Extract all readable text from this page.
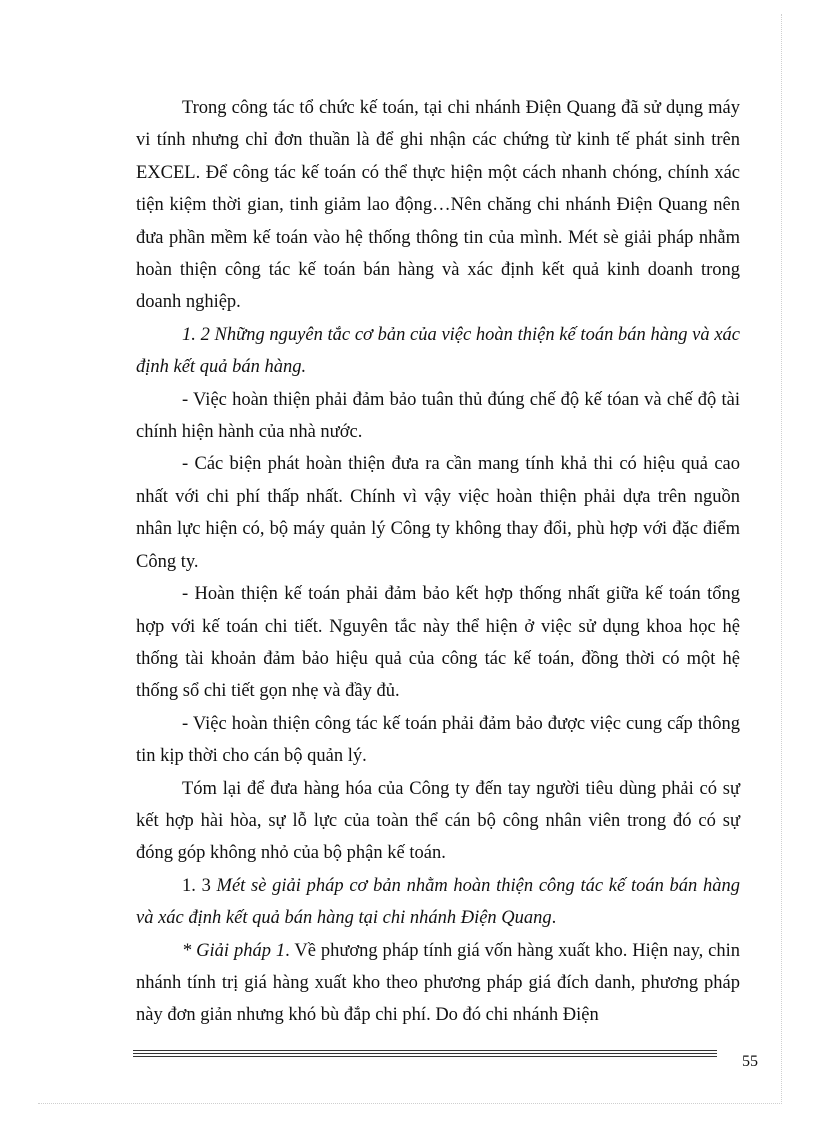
Trong công tác tổ chức kế toán, tại chi nhánh Điện Quang đã sử dụng máy vi tính nhưng chỉ đơn thuần là để ghi nhận các chứng từ kinh tế phát sinh trên EXCEL. Để công tác kế toán có thể thực hiện một cách nhanh chóng, chính xác tiện kiệm thời gian, tinh giảm lao động…Nên chăng chi nhánh Điện Quang nên đưa phần mềm kế toán vào hệ thống thông tin của mình. Mét sè giải pháp nhằm hoàn thiện công tác kế toán bán hàng và xác định kết quả kinh doanh trong doanh nghiệp.

1. 2 Những nguyên tắc cơ bản của việc hoàn thiện kế toán bán hàng và xác định kết quả bán hàng.

- Việc hoàn thiện phải đảm bảo tuân thủ đúng chế độ kế tóan và chế độ tài chính hiện hành của nhà nước.

- Các biện phát hoàn thiện đưa ra cần mang tính khả thi có hiệu quả cao nhất với chi phí thấp nhất. Chính vì vậy việc hoàn thiện phải dựa trên nguồn nhân lực hiện có, bộ máy quản lý Công ty không thay đổi, phù hợp với đặc điểm Công ty.

- Hoàn thiện kế toán phải đảm bảo kết hợp thống nhất giữa kế toán tổng hợp với kế toán chi tiết. Nguyên tắc này thể hiện ở việc sử dụng khoa học hệ thống tài khoản đảm bảo hiệu quả của công tác kế toán, đồng thời có một hệ thống sổ chi tiết gọn nhẹ và đầy đủ.

- Việc hoàn thiện công tác kế toán phải đảm bảo được việc cung cấp thông tin kịp thời cho cán bộ quản lý.

Tóm lại để đưa hàng hóa của Công ty đến tay người tiêu dùng phải có sự kết hợp hài hòa, sự lỗ lực của toàn thể cán bộ công nhân viên trong đó có sự đóng góp không nhỏ của bộ phận kế toán.

1. 3 Mét sè giải pháp cơ bản nhằm hoàn thiện công tác kế toán bán hàng và xác định kết quả bán hàng tại chi nhánh Điện Quang.

* Giải pháp 1. Về phương pháp tính giá vốn hàng xuất kho. Hiện nay, chin nhánh tính trị giá hàng xuất kho theo phương pháp giá đích danh, phương pháp này đơn giản nhưng khó bù đắp chi phí. Do đó chi nhánh Điện

55
